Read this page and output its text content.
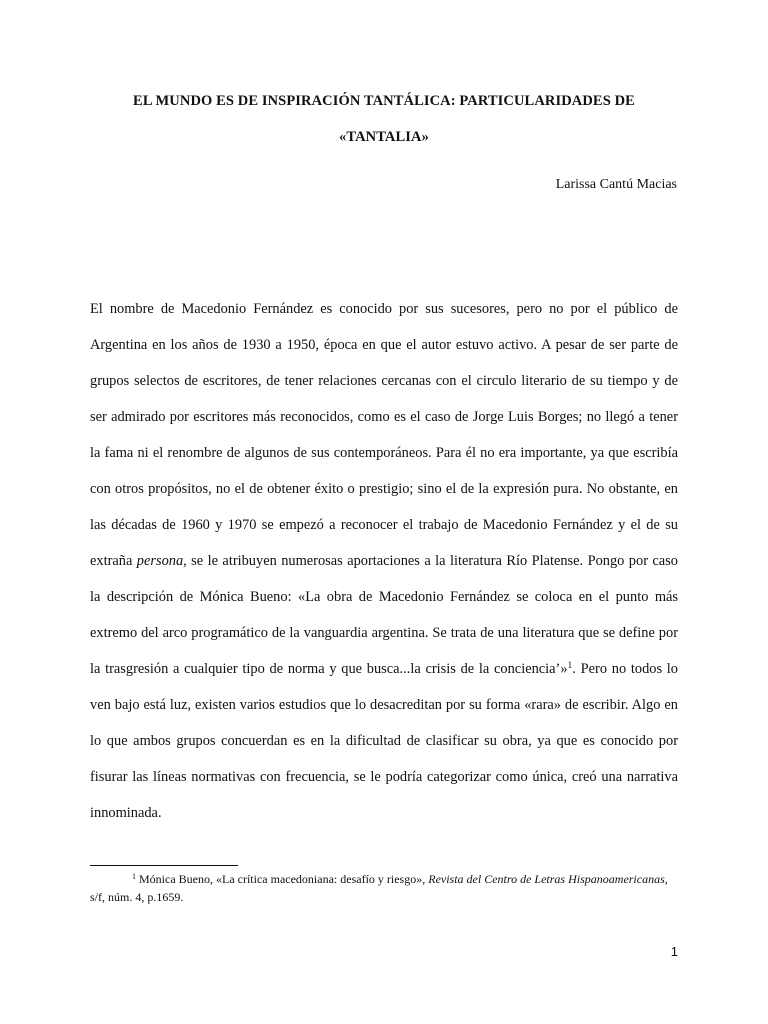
EL MUNDO ES DE INSPIRACIÓN TANTÁLICA: PARTICULARIDADES DE
«TANTALIA»
Larissa Cantú Macias

El nombre de Macedonio Fernández es conocido por sus sucesores, pero no por el público de Argentina en los años de 1930 a 1950, época en que el autor estuvo activo. A pesar de ser parte de grupos selectos de escritores, de tener relaciones cercanas con el circulo literario de su tiempo y de ser admirado por escritores más reconocidos, como es el caso de Jorge Luis Borges; no llegó a tener la fama ni el renombre de algunos de sus contemporáneos. Para él no era importante, ya que escribía con otros propósitos, no el de obtener éxito o prestigio; sino el de la expresión pura. No obstante, en las décadas de 1960 y 1970 se empezó a reconocer el trabajo de Macedonio Fernández y el de su extraña persona, se le atribuyen numerosas aportaciones a la literatura Río Platense. Pongo por caso la descripción de Mónica Bueno: «La obra de Macedonio Fernández se coloca en el punto más extremo del arco programático de la vanguardia argentina. Se trata de una literatura que se define por la trasgresión a cualquier tipo de norma y que busca...la crisis de la conciencia’»$^1$. Pero no todos lo ven bajo está luz, existen varios estudios que lo desacreditan por su forma «rara» de escribir. Algo en lo que ambos grupos concuerdan es en la dificultad de clasificar su obra, ya que es conocido por fisurar las líneas normativas con frecuencia, se le podría categorizar como única, creó una narrativa innominada.

$^1$ Mónica Bueno, «La crítica macedoniana: desafío y riesgo», Revista del Centro de Letras Hispanoamericanas, s/f, núm. 4, p.1659.
1
